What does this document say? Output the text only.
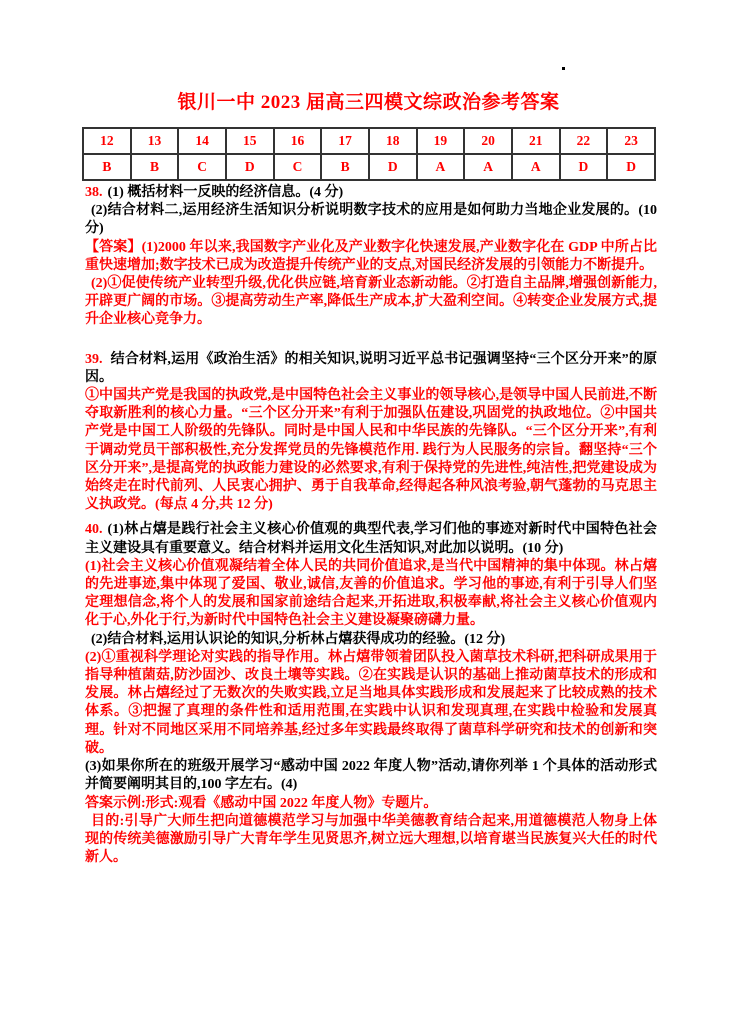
银川一中 2023 届高三四模文综政治参考答案
12	13	14	15	16	17	18	19	20	21	22	23
B	B	C	D	C	B	D	A	A	A	D	D

38. (1) 概括材料一反映的经济信息。(4 分)

(2)结合材料二,运用经济生活知识分析说明数字技术的应用是如何助力当地企业发展的。(10 分)

【答案】(1)2000 年以来,我国数字产业化及产业数字化快速发展,产业数字化在 GDP 中所占比重快速增加;数字技术已成为改造提升传统产业的支点,对国民经济发展的引领能力不断提升。

(2)①促使传统产业转型升级,优化供应链,培育新业态新动能。②打造自主品牌,增强创新能力,开辟更广阔的市场。③提高劳动生产率,降低生产成本,扩大盈利空间。④转变企业发展方式,提升企业核心竞争力。

39. 结合材料,运用《政治生活》的相关知识,说明习近平总书记强调坚持“三个区分开来”的原因。

①中国共产党是我国的执政党,是中国特色社会主义事业的领导核心,是领导中国人民前进,不断夺取新胜利的核心力量。“三个区分开来”有利于加强队伍建设,巩固党的执政地位。②中国共产党是中国工人阶级的先锋队。同时是中国人民和中华民族的先锋队。“三个区分开来”,有利于调动党员干部积极性,充分发挥党员的先锋模范作用. 践行为人民服务的宗旨。翻坚持“三个区分开来”,是提高党的执政能力建设的必然要求,有利于保持党的先进性,纯洁性,把党建设成为始终走在时代前列、人民衷心拥护、勇于自我革命,经得起各种风浪考验,朝气蓬勃的马克思主义执政党。(每点 4 分,共 12 分)

40. (1)林占熺是践行社会主义核心价值观的典型代表,学习们他的事迹对新时代中国特色社会主义建设具有重要意义。结合材料并运用文化生活知识,对此加以说明。(10 分)

(1)社会主义核心价值观凝结着全体人民的共同价值追求,是当代中国精神的集中体现。林占熺的先进事迹,集中体现了爱国、敬业,诚信,友善的价值追求。学习他的事迹,有利于引导人们坚定理想信念,将个人的发展和国家前途结合起来,开拓进取,积极奉献,将社会主义核心价值观内化于心,外化于行,为新时代中国特色社会主义建设凝聚磅礴力量。

(2)结合材料,运用认识论的知识,分析林占熺获得成功的经验。(12 分)

(2)①重视科学理论对实践的指导作用。林占熺带领着团队投入菌草技术科研,把科研成果用于指导种植菌菇,防沙固沙、改良土壤等实践。②在实践是认识的基础上推动菌草技术的形成和发展。林占熺经过了无数次的失败实践,立足当地具体实践形成和发展起来了比较成熟的技术体系。③把握了真理的条件性和适用范围,在实践中认识和发现真理,在实践中检验和发展真理。针对不同地区采用不同培养基,经过多年实践最终取得了菌草科学研究和技术的创新和突破。

(3)如果你所在的班级开展学习“感动中国 2022 年度人物”活动,请你列举 1 个具体的活动形式并简要阐明其目的,100 字左右。(4)

答案示例:形式:观看《感动中国 2022 年度人物》专题片。

目的:引导广大师生把向道德模范学习与加强中华美德教育结合起来,用道德模范人物身上体现的传统美德激励引导广大青年学生见贤思齐,树立远大理想,以培育堪当民族复兴大任的时代新人。
